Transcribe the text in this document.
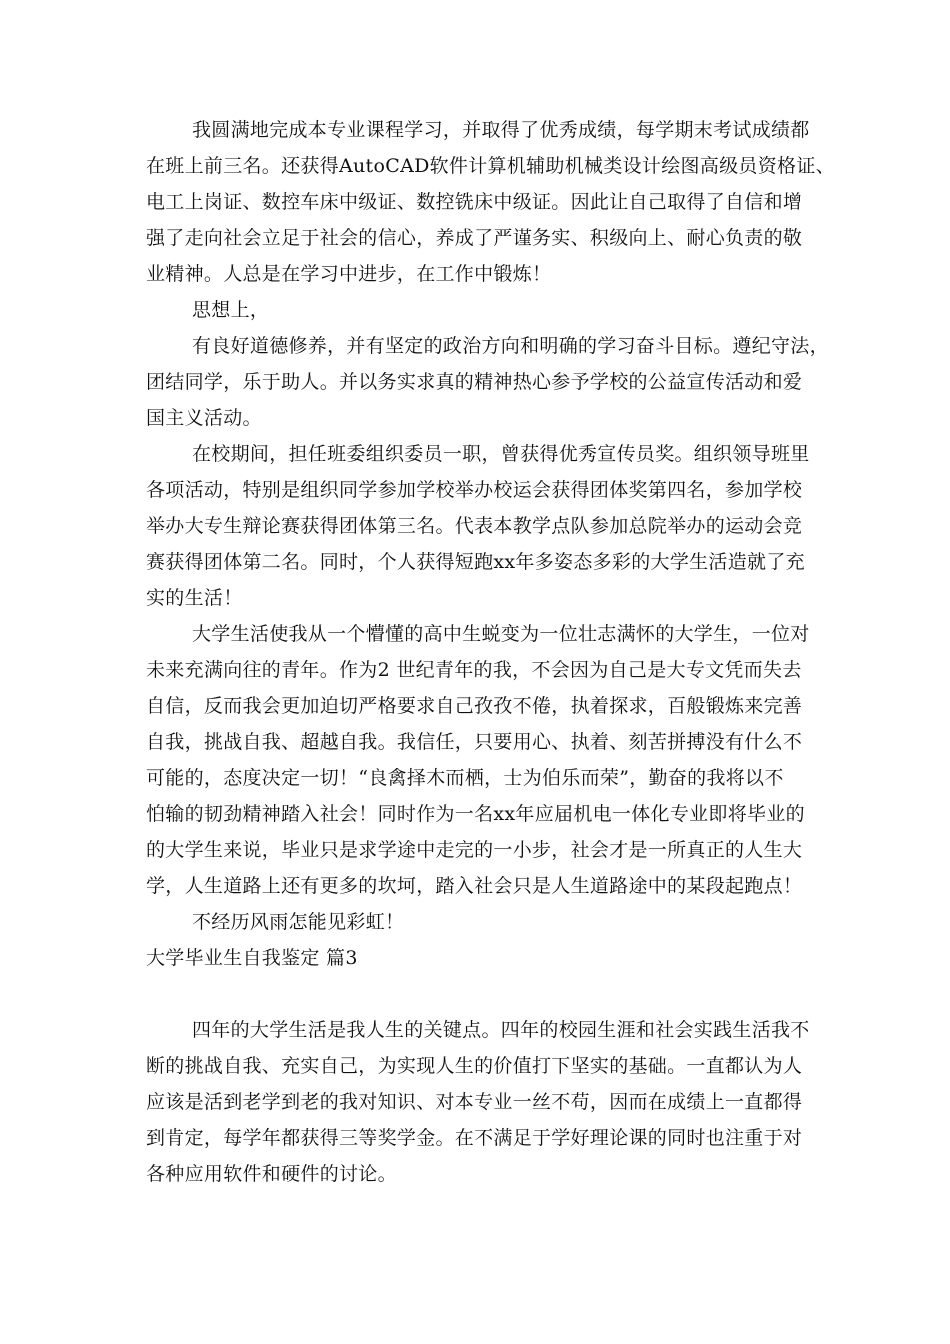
我圆满地完成本专业课程学习，并取得了优秀成绩，每学期末考试成绩都
在班上前三名。还获得AutoCAD软件计算机辅助机械类设计绘图高级员资格证、
电工上岗证、数控车床中级证、数控铣床中级证。因此让自己取得了自信和增
强了走向社会立足于社会的信心，养成了严谨务实、积级向上、耐心负责的敬
业精神。人总是在学习中进步，在工作中锻炼！
思想上，
有良好道德修养，并有坚定的政治方向和明确的学习奋斗目标。遵纪守法，
团结同学，乐于助人。并以务实求真的精神热心参予学校的公益宣传活动和爱
国主义活动。
在校期间，担任班委组织委员一职，曾获得优秀宣传员奖。组织领导班里
各项活动，特别是组织同学参加学校举办校运会获得团体奖第四名，参加学校
举办大专生辩论赛获得团体第三名。代表本教学点队参加总院举办的运动会竞
赛获得团体第二名。同时，个人获得短跑xx年多姿态多彩的大学生活造就了充
实的生活！
大学生活使我从一个懵懂的高中生蜕变为一位壮志满怀的大学生，一位对
未来充满向往的青年。作为2 世纪青年的我，不会因为自己是大专文凭而失去
自信，反而我会更加迫切严格要求自己孜孜不倦，执着探求，百般锻炼来完善
自我，挑战自我、超越自我。我信任，只要用心、执着、刻苦拼搏没有什么不
可能的，态度决定一切！“良禽择木而栖，士为伯乐而荣”，勤奋的我将以不
怕输的韧劲精神踏入社会！同时作为一名xx年应届机电一体化专业即将毕业的
的大学生来说，毕业只是求学途中走完的一小步，社会才是一所真正的人生大
学，人生道路上还有更多的坎坷，踏入社会只是人生道路途中的某段起跑点！
不经历风雨怎能见彩虹！
大学毕业生自我鉴定 篇3
四年的大学生活是我人生的关键点。四年的校园生涯和社会实践生活我不
断的挑战自我、充实自己，为实现人生的价值打下坚实的基础。一直都认为人
应该是活到老学到老的我对知识、对本专业一丝不苟，因而在成绩上一直都得
到肯定，每学年都获得三等奖学金。在不满足于学好理论课的同时也注重于对
各种应用软件和硬件的讨论。
